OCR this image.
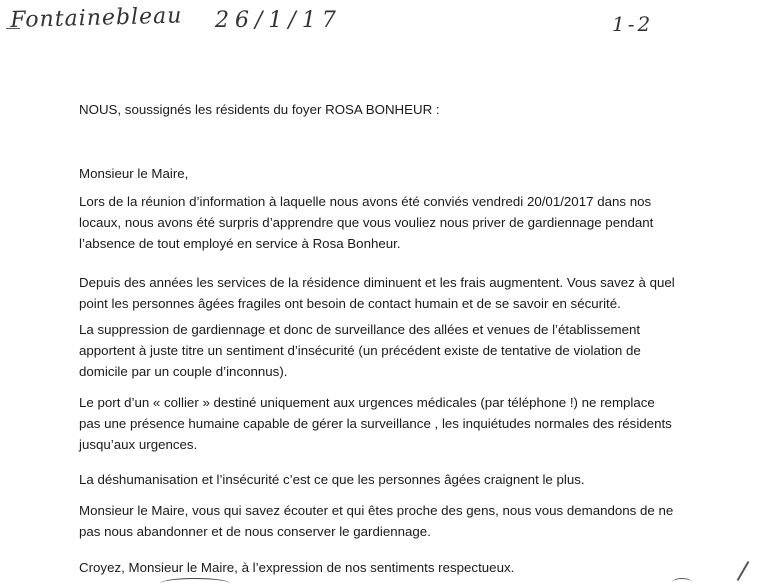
Fontainebleau 26/1/17	1-2
NOUS, soussignés les résidents du foyer ROSA BONHEUR :
Monsieur le Maire,
Lors de la réunion d’information à laquelle nous avons été conviés vendredi 20/01/2017 dans nos
locaux, nous avons été surpris d’apprendre que vous vouliez nous priver de gardiennage pendant
l’absence de tout employé en service à Rosa Bonheur.
Depuis des années les services de la résidence diminuent et les frais augmentent. Vous savez à quel
point les personnes âgées fragiles ont besoin de contact humain et de se savoir en sécurité.
La suppression de gardiennage et donc de surveillance des allées et venues de l’établissement
apportent à juste titre un sentiment d’insécurité (un précédent existe de tentative de violation de
domicile par un couple d’inconnus).
Le port d’un « collier » destiné uniquement aux urgences médicales (par téléphone !) ne remplace
pas une présence humaine capable de gérer la surveillance , les inquiétudes normales des résidents
jusqu’aux urgences.
La déshumanisation et l’insécurité c’est ce que les personnes âgées craignent le plus.
Monsieur le Maire, vous qui savez écouter et qui êtes proche des gens, nous vous demandons de ne
pas nous abandonner et de nous conserver le gardiennage.
Croyez, Monsieur le Maire, à l’expression de nos sentiments respectueux.
